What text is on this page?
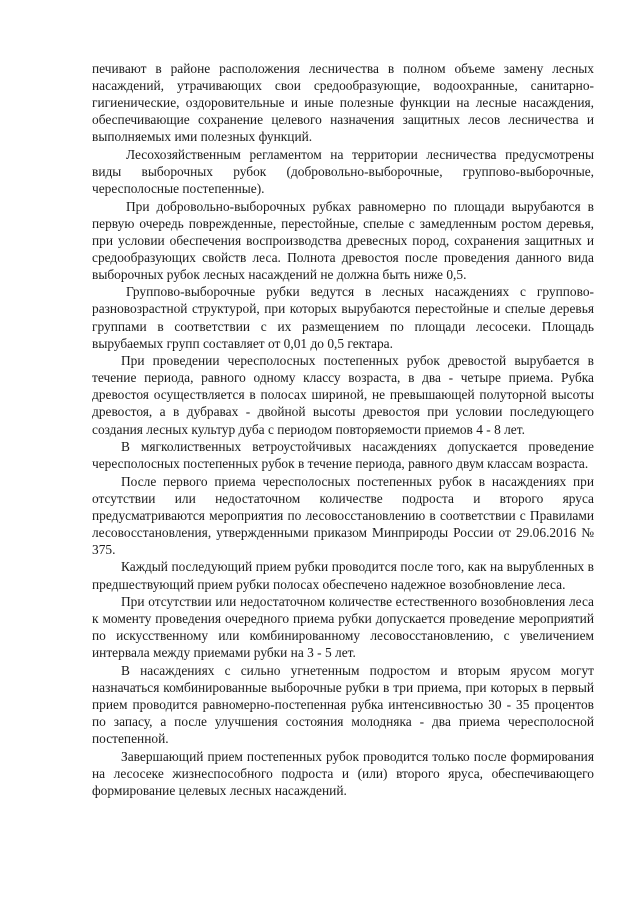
печивают в районе расположения лесничества в полном объеме замену лесных насаждений, утрачивающих свои средообразующие, водоохранные, санитарно-гигиенические, оздоровительные и иные полезные функции на лесные насаждения, обеспечивающие сохранение целевого назначения защитных лесов лесничества и выполняемых ими полезных функций.

Лесохозяйственным регламентом на территории лесничества предусмотрены виды выборочных рубок (добровольно-выборочные, группово-выборочные, чересполосные постепенные).

При добровольно-выборочных рубках равномерно по площади вырубаются в первую очередь поврежденные, перестойные, спелые с замедленным ростом деревья, при условии обеспечения воспроизводства древесных пород, сохранения защитных и средообразующих свойств леса. Полнота древостоя после проведения данного вида выборочных рубок лесных насаждений не должна быть ниже 0,5.

Группово-выборочные рубки ведутся в лесных насаждениях с группово-разновозрастной структурой, при которых вырубаются перестойные и спелые деревья группами в соответствии с их размещением по площади лесосеки. Площадь вырубаемых групп составляет от 0,01 до 0,5 гектара.

При проведении чересполосных постепенных рубок древостой вырубается в течение периода, равного одному классу возраста, в два - четыре приема. Рубка древостоя осуществляется в полосах шириной, не превышающей полуторной высоты древостоя, а в дубравах - двойной высоты древостоя при условии последующего создания лесных культур дуба с периодом повторяемости приемов 4 - 8 лет.

В мягколиственных ветроустойчивых насаждениях допускается проведение чересполосных постепенных рубок в течение периода, равного двум классам возраста.

После первого приема чересполосных постепенных рубок в насаждениях при отсутствии или недостаточном количестве подроста и второго яруса предусматриваются мероприятия по лесовосстановлению в соответствии с Правилами лесовосстановления, утвержденными приказом Минприроды России от 29.06.2016 № 375.

Каждый последующий прием рубки проводится после того, как на вырубленных в предшествующий прием рубки полосах обеспечено надежное возобновление леса.

При отсутствии или недостаточном количестве естественного возобновления леса к моменту проведения очередного приема рубки допускается проведение мероприятий по искусственному или комбинированному лесовосстановлению, с увеличением интервала между приемами рубки на 3 - 5 лет.

В насаждениях с сильно угнетенным подростом и вторым ярусом могут назначаться комбинированные выборочные рубки в три приема, при которых в первый прием проводится равномерно-постепенная рубка интенсивностью 30 - 35 процентов по запасу, а после улучшения состояния молодняка - два приема чересполосной постепенной.

Завершающий прием постепенных рубок проводится только после формирования на лесосеке жизнеспособного подроста и (или) второго яруса, обеспечивающего формирование целевых лесных насаждений.
